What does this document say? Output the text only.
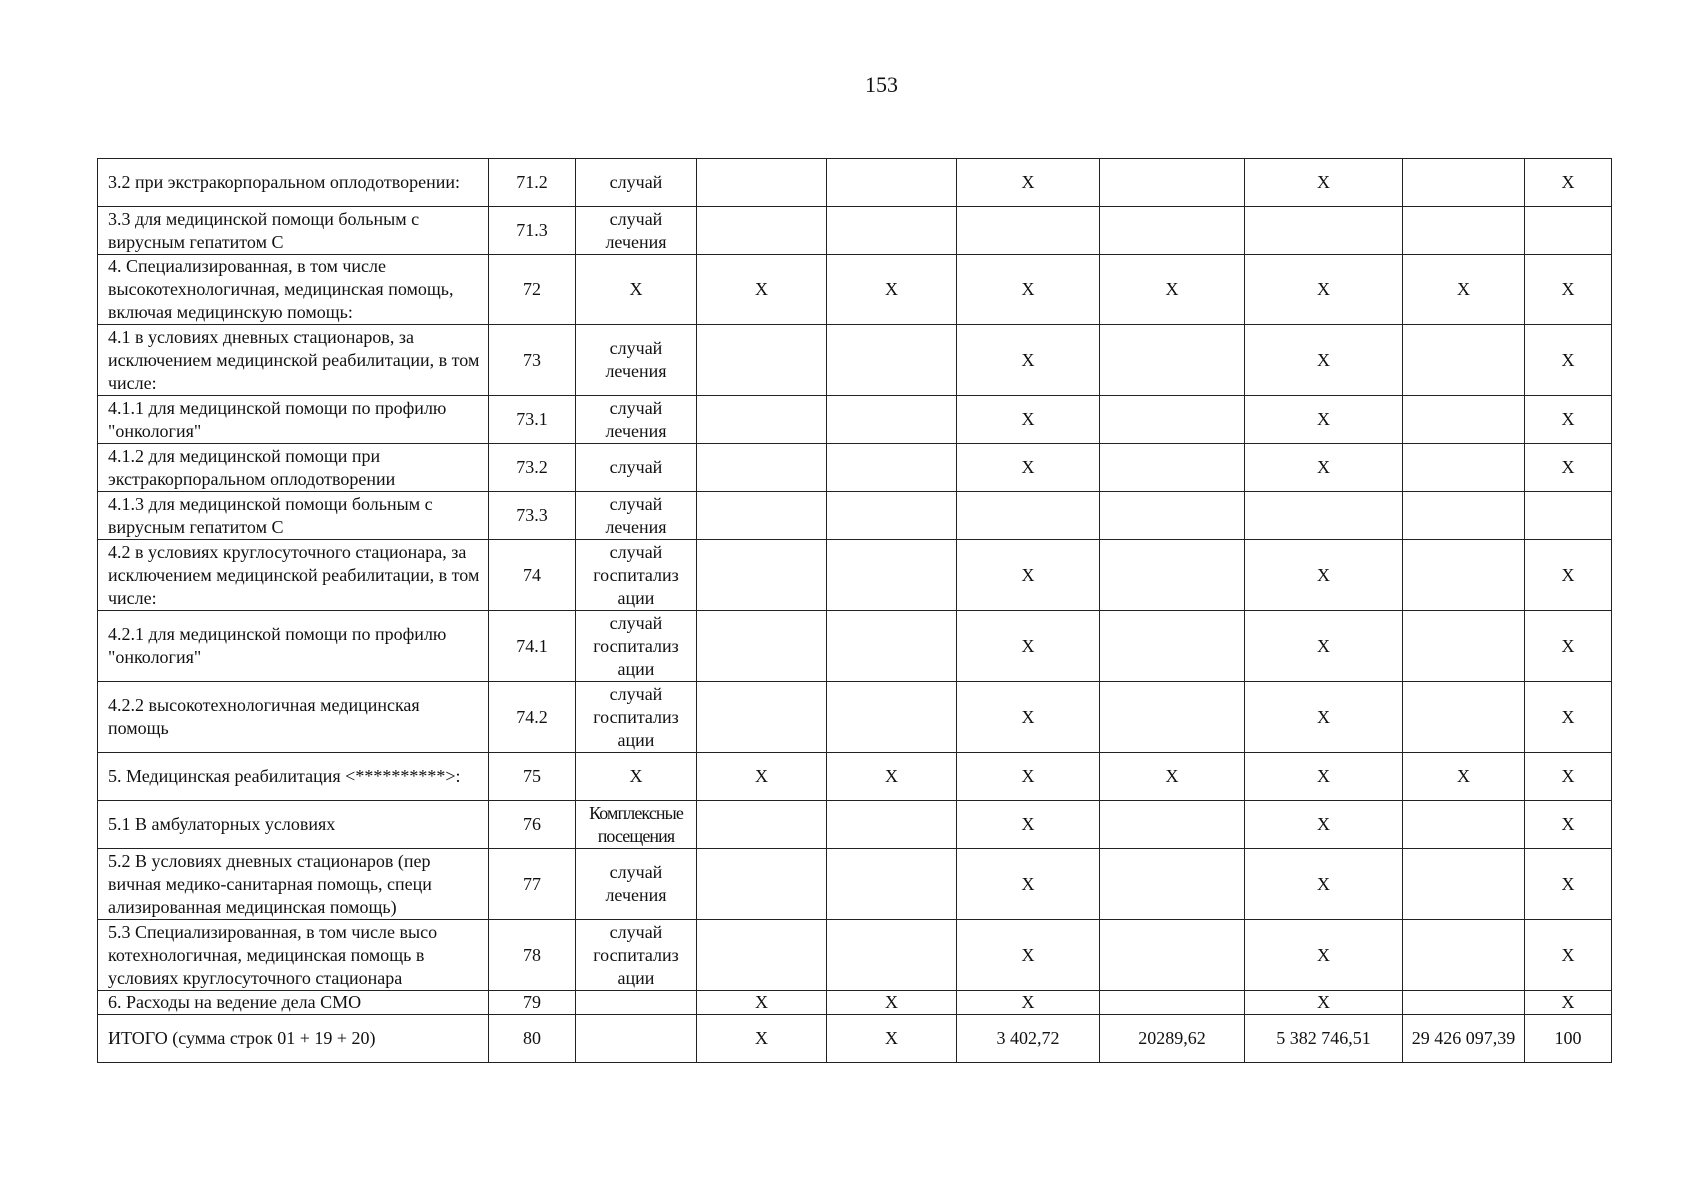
153
3.2 при экстракорпоральном оплодотворении:	71.2	случай			X		X		X
3.3 для медицинской помощи больным с вирусным гепатитом С	71.3	случай лечения							
4. Специализированная, в том числе высокотехнологичная, медицинская помощь, включая медицинскую помощь:	72	X	X	X	X	X	X	X	X
4.1 в условиях дневных стационаров, за исключением медицинской реабилитации, в том числе:	73	случай лечения			X		X		X
4.1.1 для медицинской помощи по профилю "онкология"	73.1	случай лечения			X		X		X
4.1.2 для медицинской помощи при экстракорпоральном оплодотворении	73.2	случай			X		X		X
4.1.3 для медицинской помощи больным с вирусным гепатитом С	73.3	случай лечения							
4.2 в условиях круглосуточного стационара, за исключением медицинской реабилитации, в том числе:	74	случай госпитализ ации			X		X		X
4.2.1 для медицинской помощи по профилю "онкология"	74.1	случай госпитализ ации			X		X		X
4.2.2 высокотехнологичная медицинская помощь	74.2	случай госпитализ ации			X		X		X
5. Медицинская реабилитация <**********>:	75	X	X	X	X	X	X	X	X
5.1 В амбулаторных условиях	76	Комплексные посещения			X		X		X
5.2 В условиях дневных стационаров (пер вичная медико-санитарная помощь, специ ализированная медицинская помощь)	77	случай лечения			X		X		X
5.3 Специализированная, в том числе высо котехнологичная, медицинская помощь в условиях круглосуточного стационара	78	случай госпитализ ации			X		X		X
6. Расходы на ведение дела СМО	79		X	X	X		X		X
ИТОГО (сумма строк 01 + 19 + 20)	80		X	X	3 402,72	20289,62	5 382 746,51	29 426 097,39	100
